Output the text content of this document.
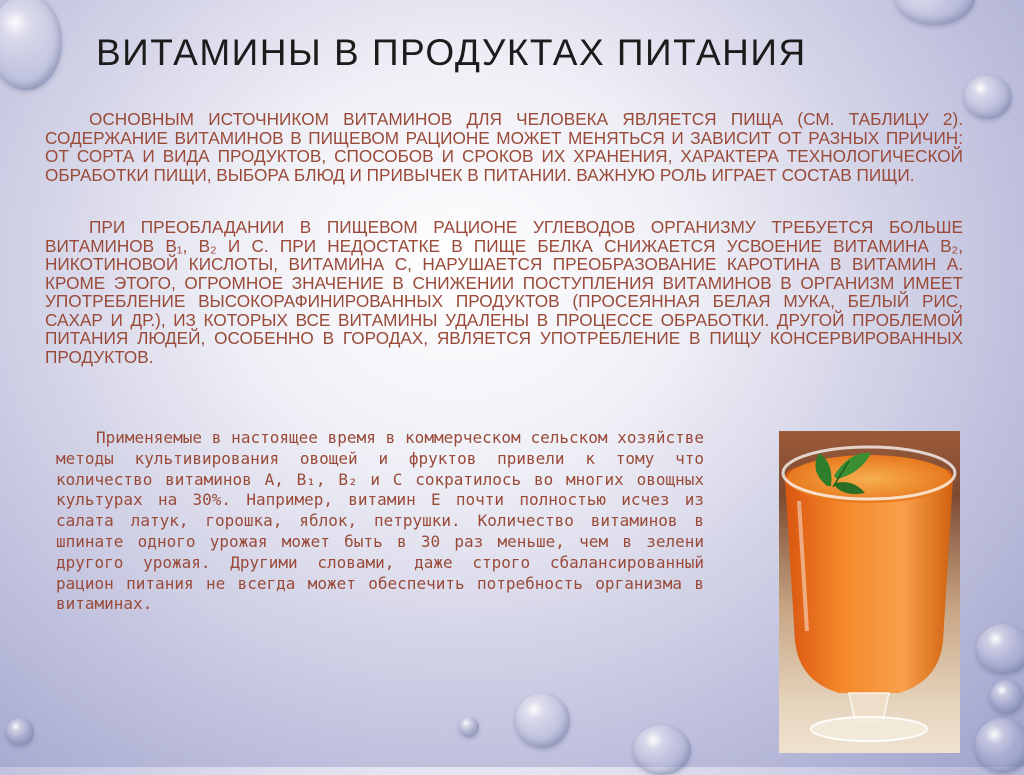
ВИТАМИНЫ В ПРОДУКТАХ ПИТАНИЯ

ОСНОВНЫМ ИСТОЧНИКОМ ВИТАМИНОВ ДЛЯ ЧЕЛОВЕКА ЯВЛЯЕТСЯ ПИЩА (СМ. ТАБЛИЦУ 2). СОДЕРЖАНИЕ ВИТАМИНОВ В ПИЩЕВОМ РАЦИОНЕ МОЖЕТ МЕНЯТЬСЯ И ЗАВИСИТ ОТ РАЗНЫХ ПРИЧИН: ОТ СОРТА И ВИДА ПРОДУКТОВ, СПОСОБОВ И СРОКОВ ИХ ХРАНЕНИЯ, ХАРАКТЕРА ТЕХНОЛОГИЧЕСКОЙ ОБРАБОТКИ ПИЩИ, ВЫБОРА БЛЮД И ПРИВЫЧЕК В ПИТАНИИ. ВАЖНУЮ РОЛЬ ИГРАЕТ СОСТАВ ПИЩИ.

ПРИ ПРЕОБЛАДАНИИ В ПИЩЕВОМ РАЦИОНЕ УГЛЕВОДОВ ОРГАНИЗМУ ТРЕБУЕТСЯ БОЛЬШЕ ВИТАМИНОВ В₁, В₂ И С. ПРИ НЕДОСТАТКЕ В ПИЩЕ БЕЛКА СНИЖАЕТСЯ УСВОЕНИЕ ВИТАМИНА В₂, НИКОТИНОВОЙ КИСЛОТЫ, ВИТАМИНА С, НАРУШАЕТСЯ ПРЕОБРАЗОВАНИЕ КАРОТИНА В ВИТАМИН А. КРОМЕ ЭТОГО, ОГРОМНОЕ ЗНАЧЕНИЕ В СНИЖЕНИИ ПОСТУПЛЕНИЯ ВИТАМИНОВ В ОРГАНИЗМ ИМЕЕТ УПОТРЕБЛЕНИЕ ВЫСОКОРАФИНИРОВАННЫХ ПРОДУКТОВ (ПРОСЕЯННАЯ БЕЛАЯ МУКА, БЕЛЫЙ РИС, САХАР И ДР.), ИЗ КОТОРЫХ ВСЕ ВИТАМИНЫ УДАЛЕНЫ В ПРОЦЕССЕ ОБРАБОТКИ. ДРУГОЙ ПРОБЛЕМОЙ ПИТАНИЯ ЛЮДЕЙ, ОСОБЕННО В ГОРОДАХ, ЯВЛЯЕТСЯ УПОТРЕБЛЕНИЕ В ПИЩУ КОНСЕРВИРОВАННЫХ ПРОДУКТОВ.

Применяемые в настоящее время в коммерческом сельском хозяйстве методы культивирования овощей и фруктов привели к тому что количество витаминов А, В₁, В₂ и С сократилось во многих овощных культурах на 30%. Например, витамин Е почти полностью исчез из салата латук, горошка, яблок, петрушки. Количество витаминов в шпинате одного урожая может быть в 30 раз меньше, чем в зелени другого урожая. Другими словами, даже строго сбалансированный рацион питания не всегда может обеспечить потребность организма в витаминах.
